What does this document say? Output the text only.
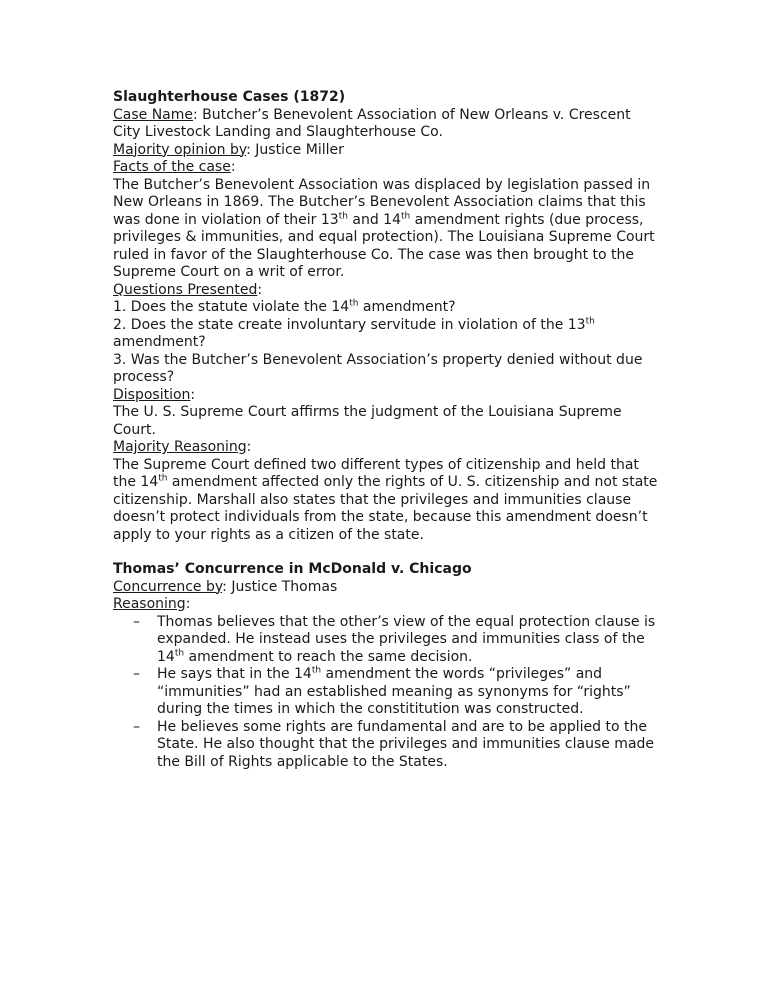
Slaughterhouse Cases (1872)
Case Name: Butcher’s Benevolent Association of New Orleans v. Crescent City Livestock Landing and Slaughterhouse Co.
Majority opinion by: Justice Miller
Facts of the case:
The Butcher’s Benevolent Association was displaced by legislation passed in New Orleans in 1869. The Butcher’s Benevolent Association claims that this was done in violation of their 13th and 14th amendment rights (due process, privileges & immunities, and equal protection). The Louisiana Supreme Court ruled in favor of the Slaughterhouse Co. The case was then brought to the Supreme Court on a writ of error.
Questions Presented:
1. Does the statute violate the 14th amendment?
2. Does the state create involuntary servitude in violation of the 13th amendment?
3. Was the Butcher’s Benevolent Association’s property denied without due process?
Disposition:
The U. S. Supreme Court affirms the judgment of the Louisiana Supreme Court.
Majority Reasoning:
The Supreme Court defined two different types of citizenship and held that the 14th amendment affected only the rights of U. S. citizenship and not state citizenship. Marshall also states that the privileges and immunities clause doesn’t protect individuals from the state, because this amendment doesn’t apply to your rights as a citizen of the state.
Thomas’ Concurrence in McDonald v. Chicago
Concurrence by: Justice Thomas
Reasoning:
– Thomas believes that the other’s view of the equal protection clause is expanded. He instead uses the privileges and immunities class of the 14th amendment to reach the same decision.
– He says that in the 14th amendment the words “privileges” and “immunities” had an established meaning as synonyms for “rights” during the times in which the constititution was constructed.
– He believes some rights are fundamental and are to be applied to the State. He also thought that the privileges and immunities clause made the Bill of Rights applicable to the States.
